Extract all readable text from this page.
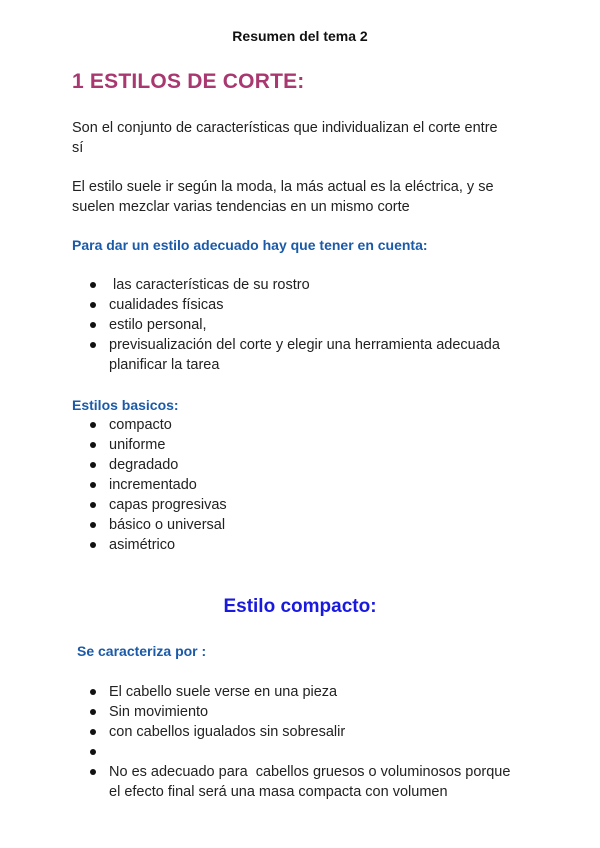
Resumen del tema 2
1 ESTILOS DE CORTE:
Son el conjunto de características que individualizan el corte entre
sí
El estilo suele ir según la moda, la más actual es la eléctrica, y se
suelen mezclar varias tendencias en un mismo corte
Para dar un estilo adecuado hay que tener en cuenta:
las características de su rostro
cualidades físicas
estilo personal,
previsualización del corte y elegir una herramienta adecuada
planificar la tarea
Estilos basicos:
compacto
uniforme
degradado
incrementado
capas progresivas
básico o universal
asimétrico
Estilo compacto:
Se caracteriza por :
El cabello suele verse en una pieza
Sin movimiento
con cabellos igualados sin sobresalir
No es adecuado para  cabellos gruesos o voluminosos porque
el efecto final será una masa compacta con volumen
